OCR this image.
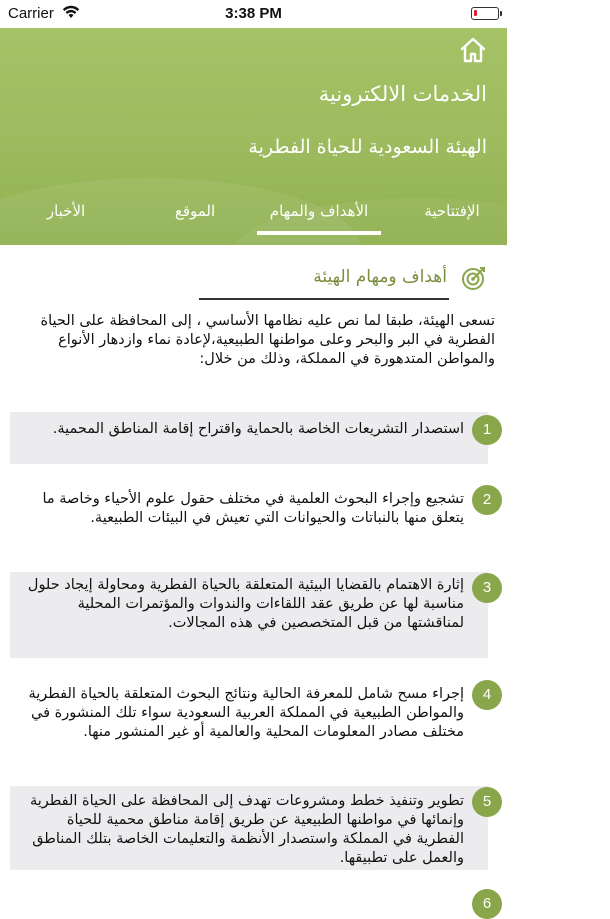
Carrier	3:38 PM
الخدمات الالكترونية
الهيئة السعودية للحياة الفطرية
الإفتتاحية
الأهداف والمهام
الموقع
الأخبار
أهداف ومهام الهيئة
تسعى الهيئة، طبقا لما نص عليه نظامها الأساسي ، إلى المحافظة على الحياة الفطرية في البر والبحر وعلى مواطنها الطبيعية،لإعادة نماء وازدهار الأنواع والمواطن المتدهورة في المملكة، وذلك من خلال:
1
استصدار التشريعات الخاصة بالحماية واقتراح إقامة المناطق المحمية.
2
تشجيع وإجراء البحوث العلمية في مختلف حقول علوم الأحياء وخاصة ما يتعلق منها بالنباتات والحيوانات التي تعيش في البيئات الطبيعية.
3
إثارة الاهتمام بالقضايا البيئية المتعلقة بالحياة الفطرية ومحاولة إيجاد حلول مناسبة لها عن طريق عقد اللقاءات والندوات والمؤتمرات المحلية لمناقشتها من قبل المتخصصين في هذه المجالات.
4
إجراء مسح شامل للمعرفة الحالية ونتائج البحوث المتعلقة بالحياة الفطرية والمواطن الطبيعية في المملكة العربية السعودية سواء تلك المنشورة في مختلف مصادر المعلومات المحلية والعالمية أو غير المنشور منها.
5
تطوير وتنفيذ خطط ومشروعات تهدف إلى المحافظة على الحياة الفطرية وإنمائها في مواطنها الطبيعية عن طريق إقامة مناطق محمية للحياة الفطرية في المملكة واستصدار الأنظمة والتعليمات الخاصة بتلك المناطق والعمل على تطبيقها.
6
